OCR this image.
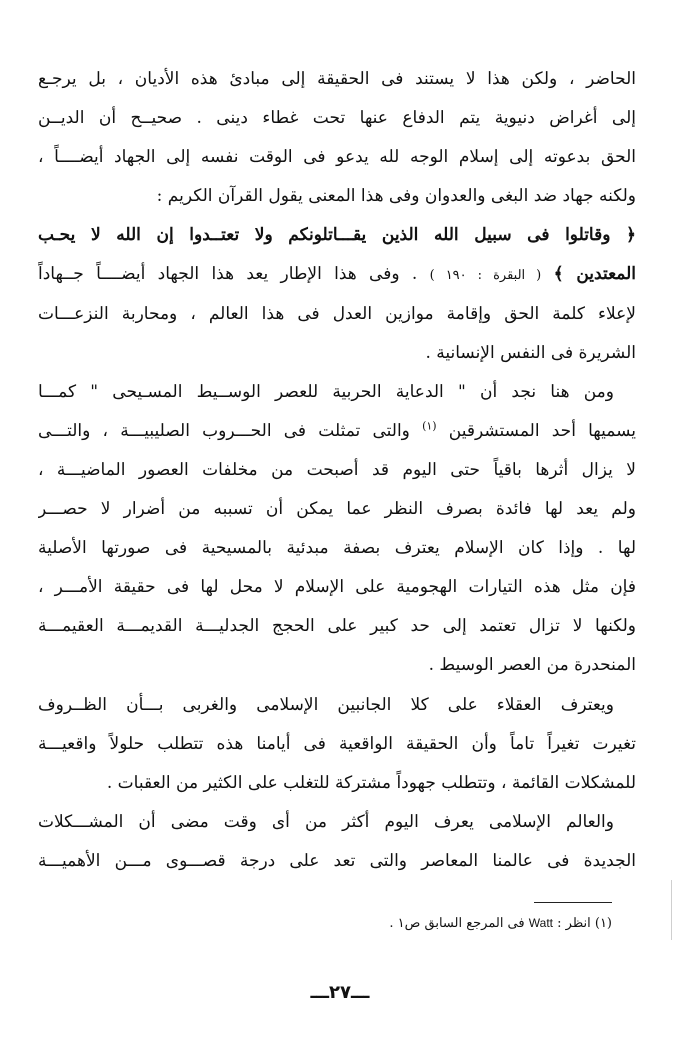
الحاضر ، ولكن هذا لا يستند فى الحقيقة إلى مبادئ هذه الأديان ، بل يرجـع
إلى أغراض دنيوية يتم الدفاع عنها تحت غطاء دينى . صحيــح أن الديــن
الحق بدعوته إلى إسلام الوجه لله يدعو فى الوقت نفسه إلى الجهاد أيضــــاً ،
ولكنه جهاد ضد البغى والعدوان وفى هذا المعنى يقول القرآن الكريم :
﴿ وقاتلوا فى سبيل الله الذين يقـــاتلونكم ولا تعتــدوا إن الله لا يحـب
المعتدين ﴾ ( البقرة : ١٩٠ ) . وفى هذا الإطار يعد هذا الجهاد أيضــــاً جــهاداً
لإعلاء كلمة الحق وإقامة موازين العدل فى هذا العالم ، ومحاربة النزعـــات
الشريرة فى النفس الإنسانية .
ومن هنا نجد أن " الدعاية الحربية للعصر الوســيط المسـيحى " كمـــا
يسميها أحد المستشرقين $^{(١)}$ والتى تمثلت فى الحـــروب الصليبيـــة ، والتـــى
لا يزال أثرها باقياً حتى اليوم قد أصبحت من مخلفات العصور الماضيـــة ،
ولم يعد لها فائدة بصرف النظر عما يمكن أن تسببه من أضرار لا حصـــر
لها . وإذا كان الإسلام يعترف بصفة مبدئية بالمسيحية فى صورتها الأصلية
فإن مثل هذه التيارات الهجومية على الإسلام لا محل لها فى حقيقة الأمـــر ،
ولكنها لا تزال تعتمد إلى حد كبير على الحجج الجدليـــة القديمـــة العقيمـــة
المنحدرة من العصر الوسيط .
ويعترف العقلاء على كلا الجانبين الإسلامى والغربى بـــأن الظــروف
تغيرت تغيراً تاماً وأن الحقيقة الواقعية فى أيامنا هذه تتطلب حلولاً واقعيـــة
للمشكلات القائمة ، وتتطلب جهوداً مشتركة للتغلب على الكثير من العقبات .
والعالم الإسلامى يعرف اليوم أكثر من أى وقت مضى أن المشـــكلات
الجديدة فى عالمنا المعاصر والتى تعد على درجة قصـــوى مـــن الأهميـــة
(١) انظر : Watt فى المرجع السابق ص١ .
ـــ٢٧ـــ
